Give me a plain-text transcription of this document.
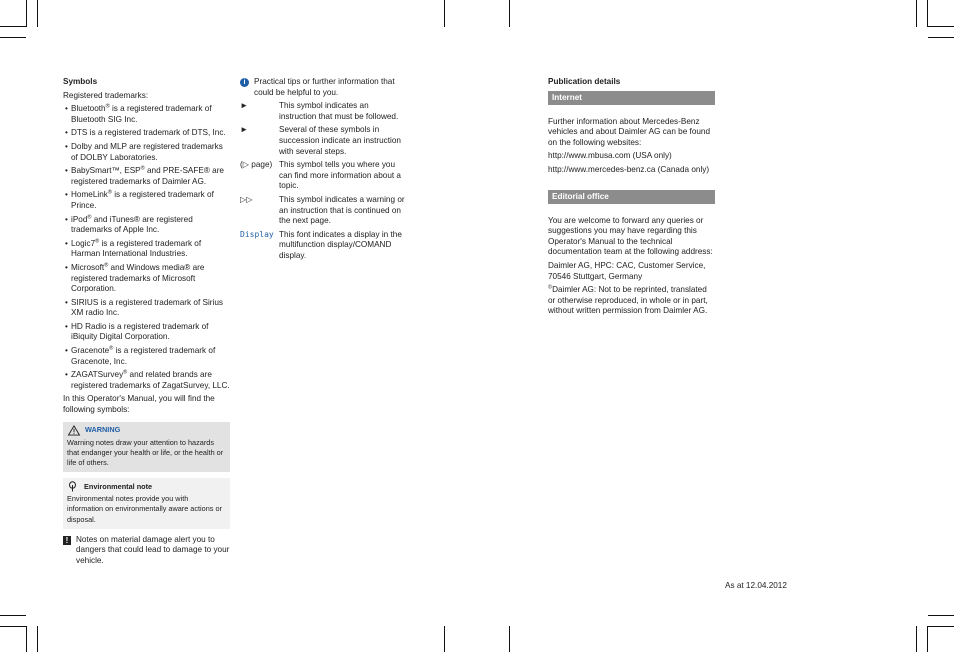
Symbols

Registered trademarks:

• Bluetooth® is a registered trademark of Bluetooth SIG Inc.
• DTS is a registered trademark of DTS, Inc.
• Dolby and MLP are registered trademarks of DOLBY Laboratories.
• BabySmart™, ESP® and PRE-SAFE® are registered trademarks of Daimler AG.
• HomeLink® is a registered trademark of Prince.
• iPod® and iTunes® are registered trademarks of Apple Inc.
• Logic7® is a registered trademark of Harman International Industries.
• Microsoft® and Windows media® are registered trademarks of Microsoft Corporation.
• SIRIUS is a registered trademark of Sirius XM radio Inc.
• HD Radio is a registered trademark of iBiquity Digital Corporation.
• Gracenote® is a registered trademark of Gracenote, Inc.
• ZAGATSurvey® and related brands are registered trademarks of ZagatSurvey, LLC.

In this Operator's Manual, you will find the following symbols:

WARNING
Warning notes draw your attention to hazards that endanger your health or life, or the health or life of others.
Environmental note
Environmental notes provide you with information on environmentally aware actions or disposal.
! Notes on material damage alert you to dangers that could lead to damage to your vehicle.
i	Practical tips or further information that could be helpful to you.
►	This symbol indicates an instruction that must be followed.
►	Several of these symbols in succession indicate an instruction with several steps.
(▷ page) This symbol tells you where you can find more information about a topic.
▷▷	This symbol indicates a warning or an instruction that is continued on the next page.
Display This font indicates a display in the multifunction display/COMAND display.
Publication details
Internet

Further information about Mercedes-Benz vehicles and about Daimler AG can be found on the following websites:

http://www.mbusa.com (USA only)

http://www.mercedes-benz.ca (Canada only)

Editorial office

You are welcome to forward any queries or suggestions you may have regarding this Operator's Manual to the technical documentation team at the following address:

Daimler AG, HPC: CAC, Customer Service, 70546 Stuttgart, Germany

©Daimler AG: Not to be reprinted, translated or otherwise reproduced, in whole or in part, without written permission from Daimler AG.

As at 12.04.2012
